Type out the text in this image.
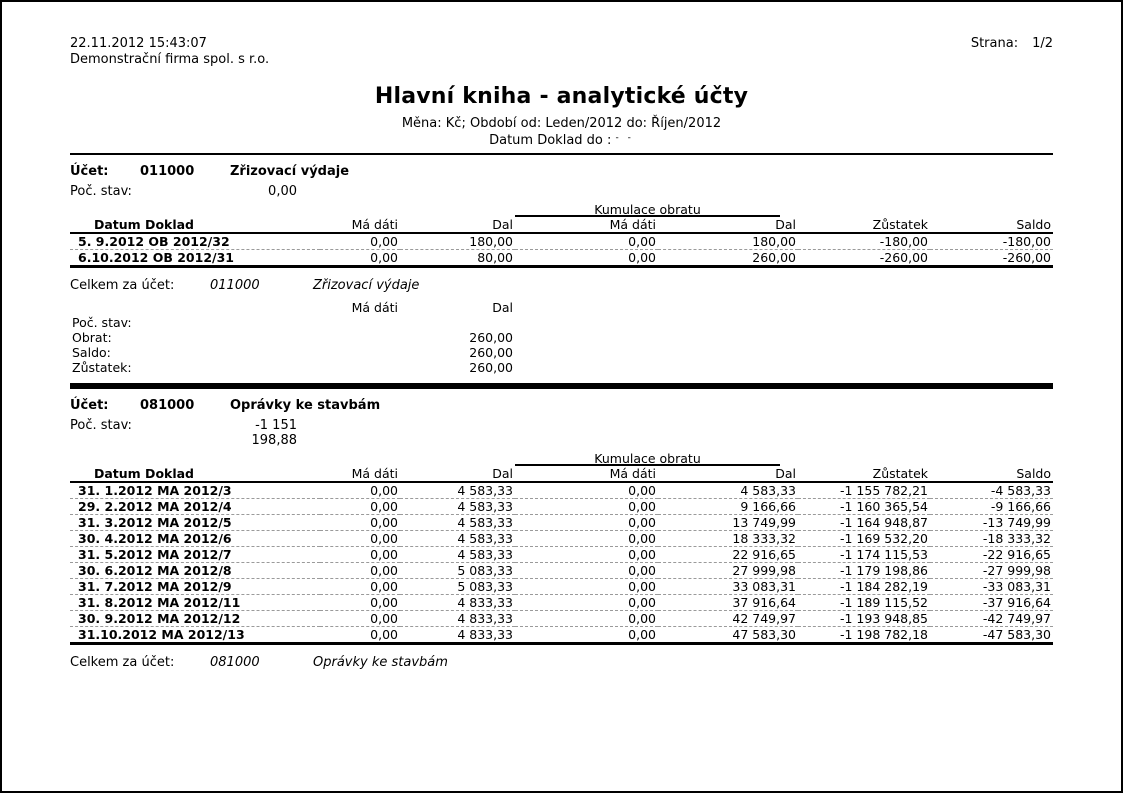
22.11.2012 15:43:07
Demonstrační firma spol. s r.o.
Strana: 1/2
Hlavní kniha - analytické účty
Měna: Kč; Období od: Leden/2012 do: Říjen/2012
Datum Doklad do : - -
Účet:	011000	Zřizovací výdaje
Poč. stav:	0,00

			Kumulace obratu			

Datum Doklad	Má dáti	Dal	Má dáti	Dal	Zůstatek	Saldo
5. 9.2012 OB 2012/32	0,00	180,00	0,00	180,00	-180,00	-180,00
6.10.2012 OB 2012/31	0,00	80,00	0,00	260,00	-260,00	-260,00
Celkem za účet:	011000	Zřizovací výdaje
	Má dáti	Dal	
Poč. stav:			
Obrat:		260,00	
Saldo:		260,00	
Zůstatek:		260,00	
Účet:	081000	Oprávky ke stavbám
Poč. stav:	-1 151 198,88

			Kumulace obratu			

Datum Doklad	Má dáti	Dal	Má dáti	Dal	Zůstatek	Saldo
31. 1.2012 MA 2012/3	0,00	4 583,33	0,00	4 583,33	-1 155 782,21	-4 583,33
29. 2.2012 MA 2012/4	0,00	4 583,33	0,00	9 166,66	-1 160 365,54	-9 166,66
31. 3.2012 MA 2012/5	0,00	4 583,33	0,00	13 749,99	-1 164 948,87	-13 749,99
30. 4.2012 MA 2012/6	0,00	4 583,33	0,00	18 333,32	-1 169 532,20	-18 333,32
31. 5.2012 MA 2012/7	0,00	4 583,33	0,00	22 916,65	-1 174 115,53	-22 916,65
30. 6.2012 MA 2012/8	0,00	5 083,33	0,00	27 999,98	-1 179 198,86	-27 999,98
31. 7.2012 MA 2012/9	0,00	5 083,33	0,00	33 083,31	-1 184 282,19	-33 083,31
31. 8.2012 MA 2012/11	0,00	4 833,33	0,00	37 916,64	-1 189 115,52	-37 916,64
30. 9.2012 MA 2012/12	0,00	4 833,33	0,00	42 749,97	-1 193 948,85	-42 749,97
31.10.2012 MA 2012/13	0,00	4 833,33	0,00	47 583,30	-1 198 782,18	-47 583,30
Celkem za účet:	081000	Oprávky ke stavbám
